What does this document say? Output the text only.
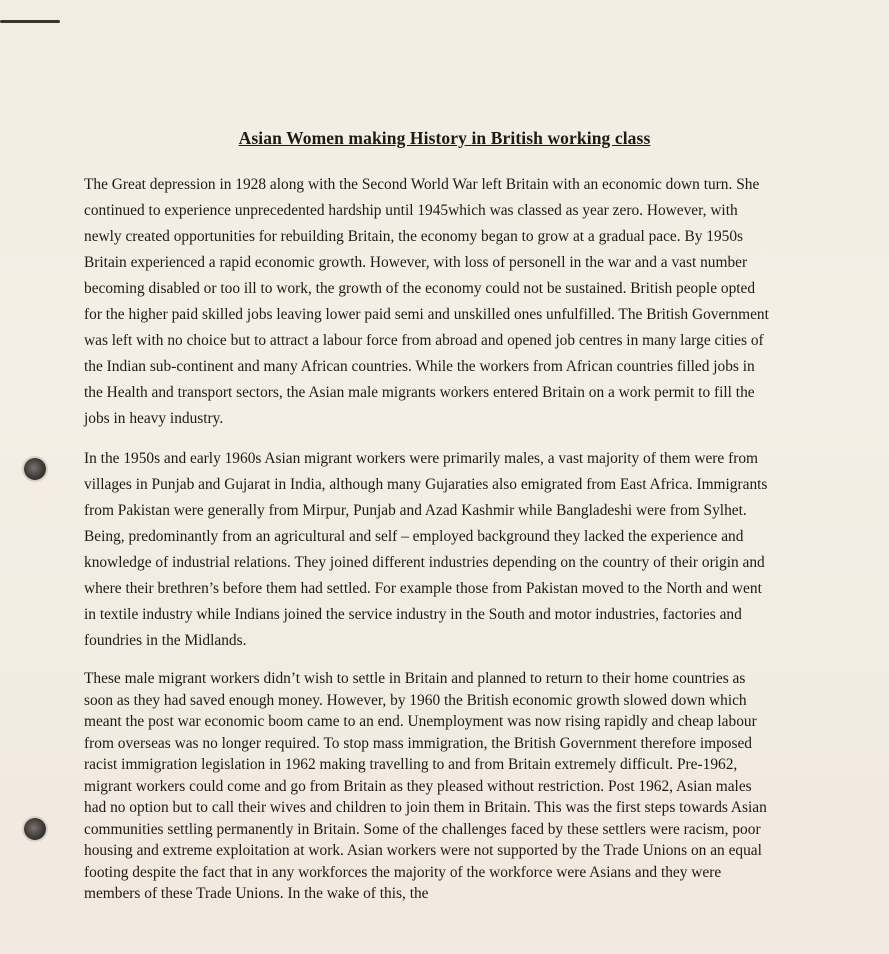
Asian Women making History in British working class

The Great depression in 1928 along with the Second World War left Britain with an economic down turn. She continued to experience unprecedented hardship until 1945which was classed as year zero. However, with newly created opportunities for rebuilding Britain, the economy began to grow at a gradual pace. By 1950s Britain experienced a rapid economic growth. However, with loss of personell in the war and a vast number becoming disabled or too ill to work, the growth of the economy could not be sustained. British people opted for the higher paid skilled jobs leaving lower paid semi and unskilled ones unfulfilled. The British Government was left with no choice but to attract a labour force from abroad and opened job centres in many large cities of the Indian sub-continent and many African countries. While the workers from African countries filled jobs in the Health and transport sectors, the Asian male migrants workers entered Britain on a work permit to fill the jobs in heavy industry.

In the 1950s and early 1960s Asian migrant workers were primarily males, a vast majority of them were from villages in Punjab and Gujarat in India, although many Gujaraties also emigrated from East Africa. Immigrants from Pakistan were generally from Mirpur, Punjab and Azad Kashmir while Bangladeshi were from Sylhet. Being, predominantly from an agricultural and self – employed background they lacked the experience and knowledge of industrial relations. They joined different industries depending on the country of their origin and where their brethren’s before them had settled. For example those from Pakistan moved to the North and went in textile industry while Indians joined the service industry in the South and motor industries, factories and foundries in the Midlands.

These male migrant workers didn’t wish to settle in Britain and planned to return to their home countries as soon as they had saved enough money. However, by 1960 the British economic growth slowed down which meant the post war economic boom came to an end. Unemployment was now rising rapidly and cheap labour from overseas was no longer required. To stop mass immigration, the British Government therefore imposed racist immigration legislation in 1962 making travelling to and from Britain extremely difficult. Pre-1962, migrant workers could come and go from Britain as they pleased without restriction. Post 1962, Asian males had no option but to call their wives and children to join them in Britain. This was the first steps towards Asian communities settling permanently in Britain. Some of the challenges faced by these settlers were racism, poor housing and extreme exploitation at work. Asian workers were not supported by the Trade Unions on an equal footing despite the fact that in any workforces the majority of the workforce were Asians and they were members of these Trade Unions. In the wake of this, the
